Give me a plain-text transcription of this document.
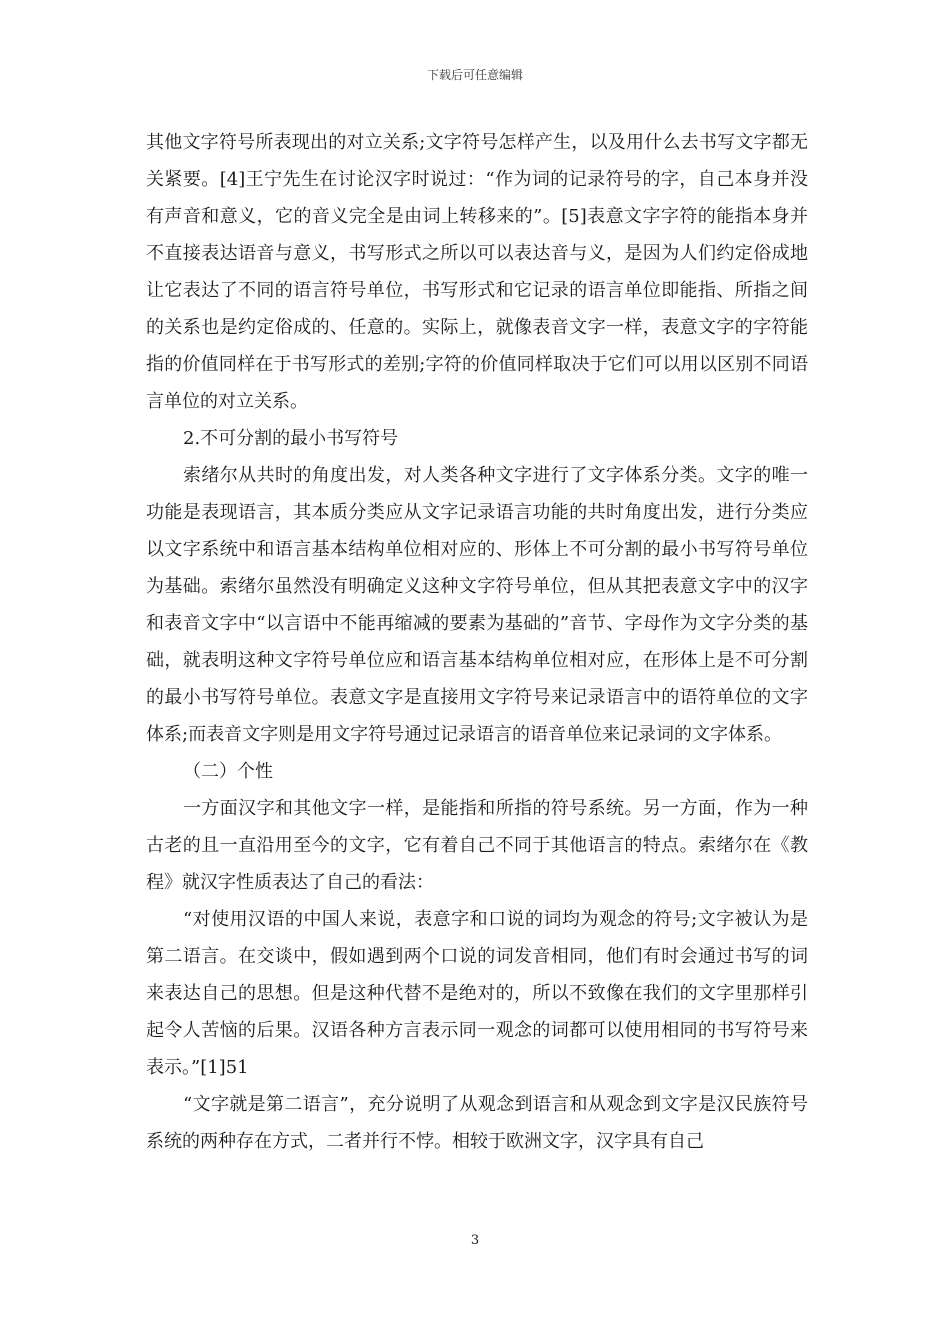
下载后可任意编辑

其他文字符号所表现出的对立关系;文字符号怎样产生，以及用什么去书写文字都无关紧要。[4]王宁先生在讨论汉字时说过：“作为词的记录符号的字，自己本身并没有声音和意义，它的音义完全是由词上转移来的”。[5]表意文字字符的能指本身并不直接表达语音与意义，书写形式之所以可以表达音与义，是因为人们约定俗成地让它表达了不同的语言符号单位，书写形式和它记录的语言单位即能指、所指之间的关系也是约定俗成的、任意的。实际上，就像表音文字一样，表意文字的字符能指的价值同样在于书写形式的差别;字符的价值同样取决于它们可以用以区别不同语言单位的对立关系。

2.不可分割的最小书写符号

索绪尔从共时的角度出发，对人类各种文字进行了文字体系分类。文字的唯一功能是表现语言，其本质分类应从文字记录语言功能的共时角度出发，进行分类应以文字系统中和语言基本结构单位相对应的、形体上不可分割的最小书写符号单位为基础。索绪尔虽然没有明确定义这种文字符号单位，但从其把表意文字中的汉字和表音文字中“以言语中不能再缩减的要素为基础的”音节、字母作为文字分类的基础，就表明这种文字符号单位应和语言基本结构单位相对应，在形体上是不可分割的最小书写符号单位。表意文字是直接用文字符号来记录语言中的语符单位的文字体系;而表音文字则是用文字符号通过记录语言的语音单位来记录词的文字体系。

（二）个性

一方面汉字和其他文字一样，是能指和所指的符号系统。另一方面，作为一种古老的且一直沿用至今的文字，它有着自己不同于其他语言的特点。索绪尔在《教程》就汉字性质表达了自己的看法：

“对使用汉语的中国人来说，表意字和口说的词均为观念的符号;文字被认为是第二语言。在交谈中，假如遇到两个口说的词发音相同，他们有时会通过书写的词来表达自己的思想。但是这种代替不是绝对的，所以不致像在我们的文字里那样引起令人苦恼的后果。汉语各种方言表示同一观念的词都可以使用相同的书写符号来表示。”[1]51

“文字就是第二语言”，充分说明了从观念到语言和从观念到文字是汉民族符号系统的两种存在方式，二者并行不悖。相较于欧洲文字，汉字具有自己

3
